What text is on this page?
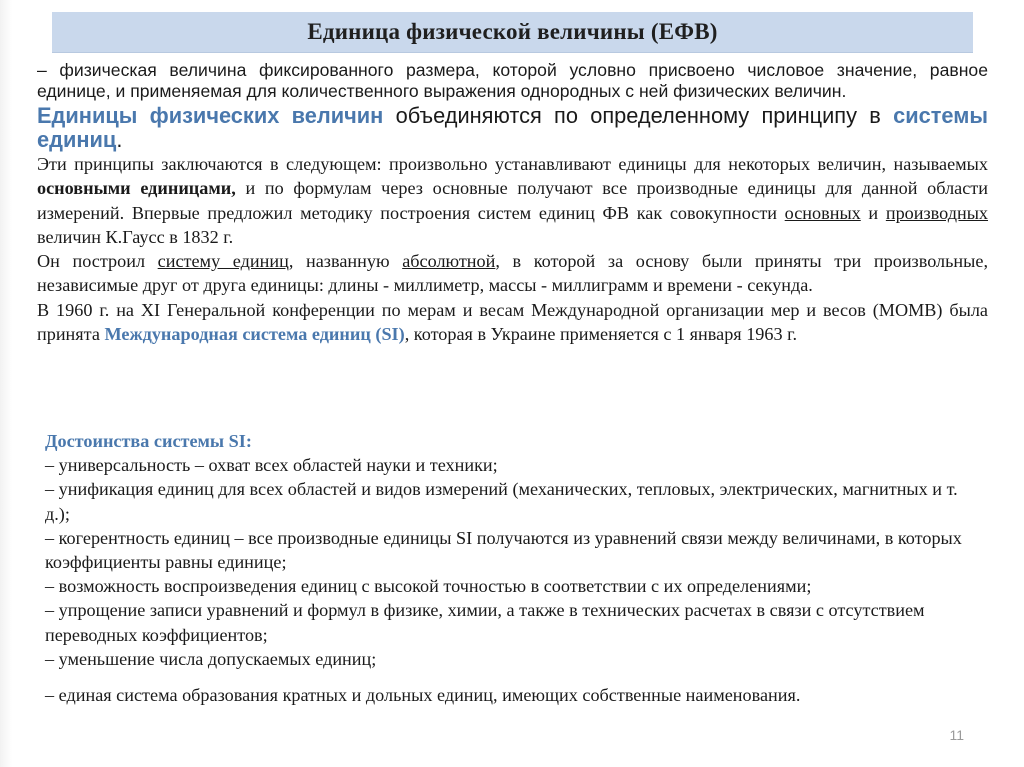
Единица физической величины (ЕФВ)

– физическая величина фиксированного размера, которой условно присвоено числовое значение, равное единице, и применяемая для количественного выражения однородных с ней физических величин.

Единицы физических величин объединяются по определенному принципу в системы единиц.

Эти принципы заключаются в следующем: произвольно устанавливают единицы для некоторых величин, называемых основными единицами, и по формулам через основные получают все производные единицы для данной области измерений. Впервые предложил методику построения систем единиц ФВ как совокупности основных и производных величин К.Гаусс в 1832 г.

Он построил систему единиц, названную абсолютной, в которой за основу были приняты три произвольные, независимые друг от друга единицы: длины - миллиметр, массы - миллиграмм и времени - секунда.

В 1960 г. на XI Генеральной конференции по мерам и весам Международной организации мер и весов (МОМВ) была принята Международная система единиц (SI), которая в Украине применяется с 1 января 1963 г.

Достоинства системы SI:
– универсальность – охват всех областей науки и техники;
– унификация единиц для всех областей и видов измерений (механических, тепловых, электрических, магнитных и т. д.);
– когерентность единиц – все производные единицы SI получаются из уравнений связи между величинами, в которых коэффициенты равны единице;
– возможность воспроизведения единиц с высокой точностью в соответствии с их определениями;
– упрощение записи уравнений и формул в физике, химии, а также в технических расчетах в связи с отсутствием переводных коэффициентов;
– уменьшение числа допускаемых единиц;
– единая система образования кратных и дольных единиц, имеющих собственные наименования.
11
